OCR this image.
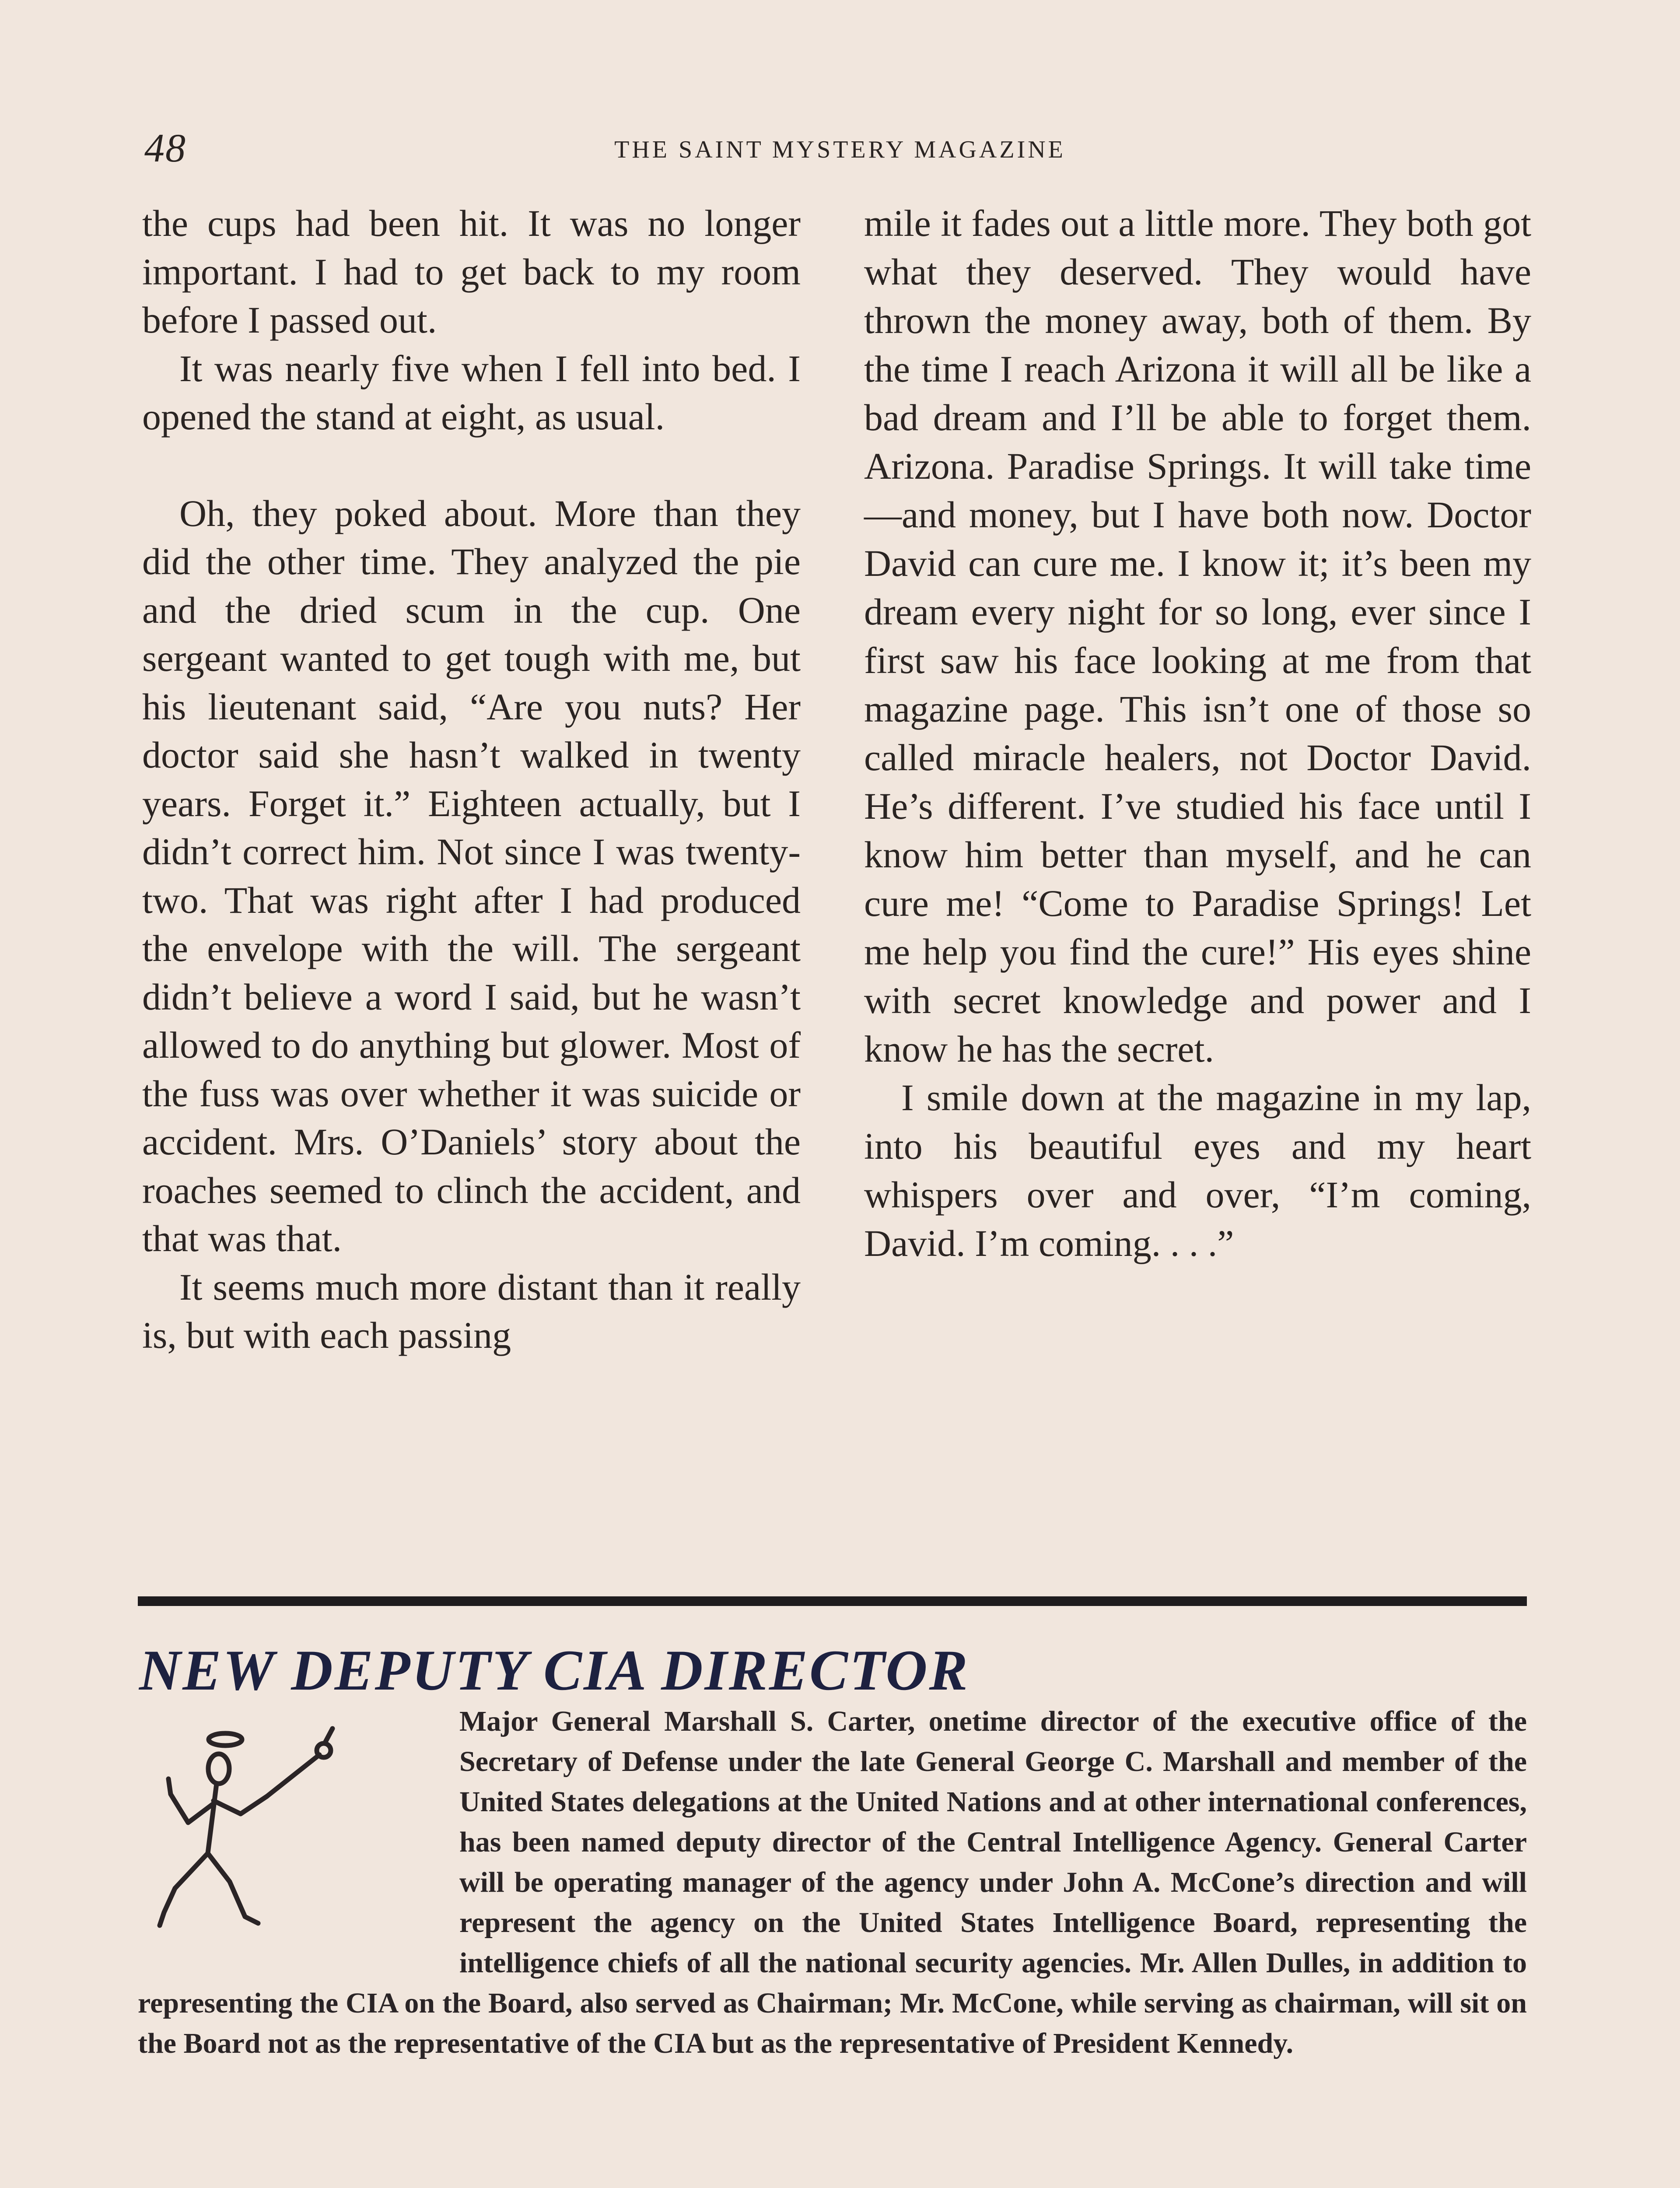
48	THE SAINT MYSTERY MAGAZINE

the cups had been hit. It was no longer important. I had to get back to my room before I passed out.

It was nearly five when I fell into bed. I opened the stand at eight, as usual.

Oh, they poked about. More than they did the other time. They analyzed the pie and the dried scum in the cup. One sergeant wanted to get tough with me, but his lieutenant said, “Are you nuts? Her doctor said she hasn’t walked in twenty years. Forget it.” Eighteen actually, but I didn’t correct him. Not since I was twenty-two. That was right after I had produced the envelope with the will. The sergeant didn’t believe a word I said, but he wasn’t allowed to do anything but glower. Most of the fuss was over whether it was suicide or accident. Mrs. O’Daniels’ story about the roaches seemed to clinch the accident, and that was that.

It seems much more distant than it really is, but with each passing

mile it fades out a little more. They both got what they deserved. They would have thrown the money away, both of them. By the time I reach Arizona it will all be like a bad dream and I’ll be able to forget them. Arizona. Paradise Springs. It will take time—and money, but I have both now. Doctor David can cure me. I know it; it’s been my dream every night for so long, ever since I first saw his face looking at me from that magazine page. This isn’t one of those so called miracle healers, not Doctor David. He’s different. I’ve studied his face until I know him better than myself, and he can cure me! “Come to Paradise Springs! Let me help you find the cure!” His eyes shine with secret knowledge and power and I know he has the secret.

I smile down at the magazine in my lap, into his beautiful eyes and my heart whispers over and over, “I’m coming, David. I’m coming. . . .”

NEW DEPUTY CIA DIRECTOR
Major General Marshall S. Carter, onetime director of the executive office of the Secretary of Defense under the late General George C. Marshall and member of the United States delegations at the United Nations and at other international conferences, has been named deputy director of the Central Intelligence Agency. General Carter will be operating manager of the agency under John A. McCone’s direction and will represent the agency on the United States Intelligence Board, representing the intelligence chiefs of all the national security agencies. Mr. Allen Dulles, in addition to representing the CIA on the Board, also served as Chairman; Mr. McCone, while serving as chairman, will sit on the Board not as the representative of the CIA but as the representative of President Kennedy.
